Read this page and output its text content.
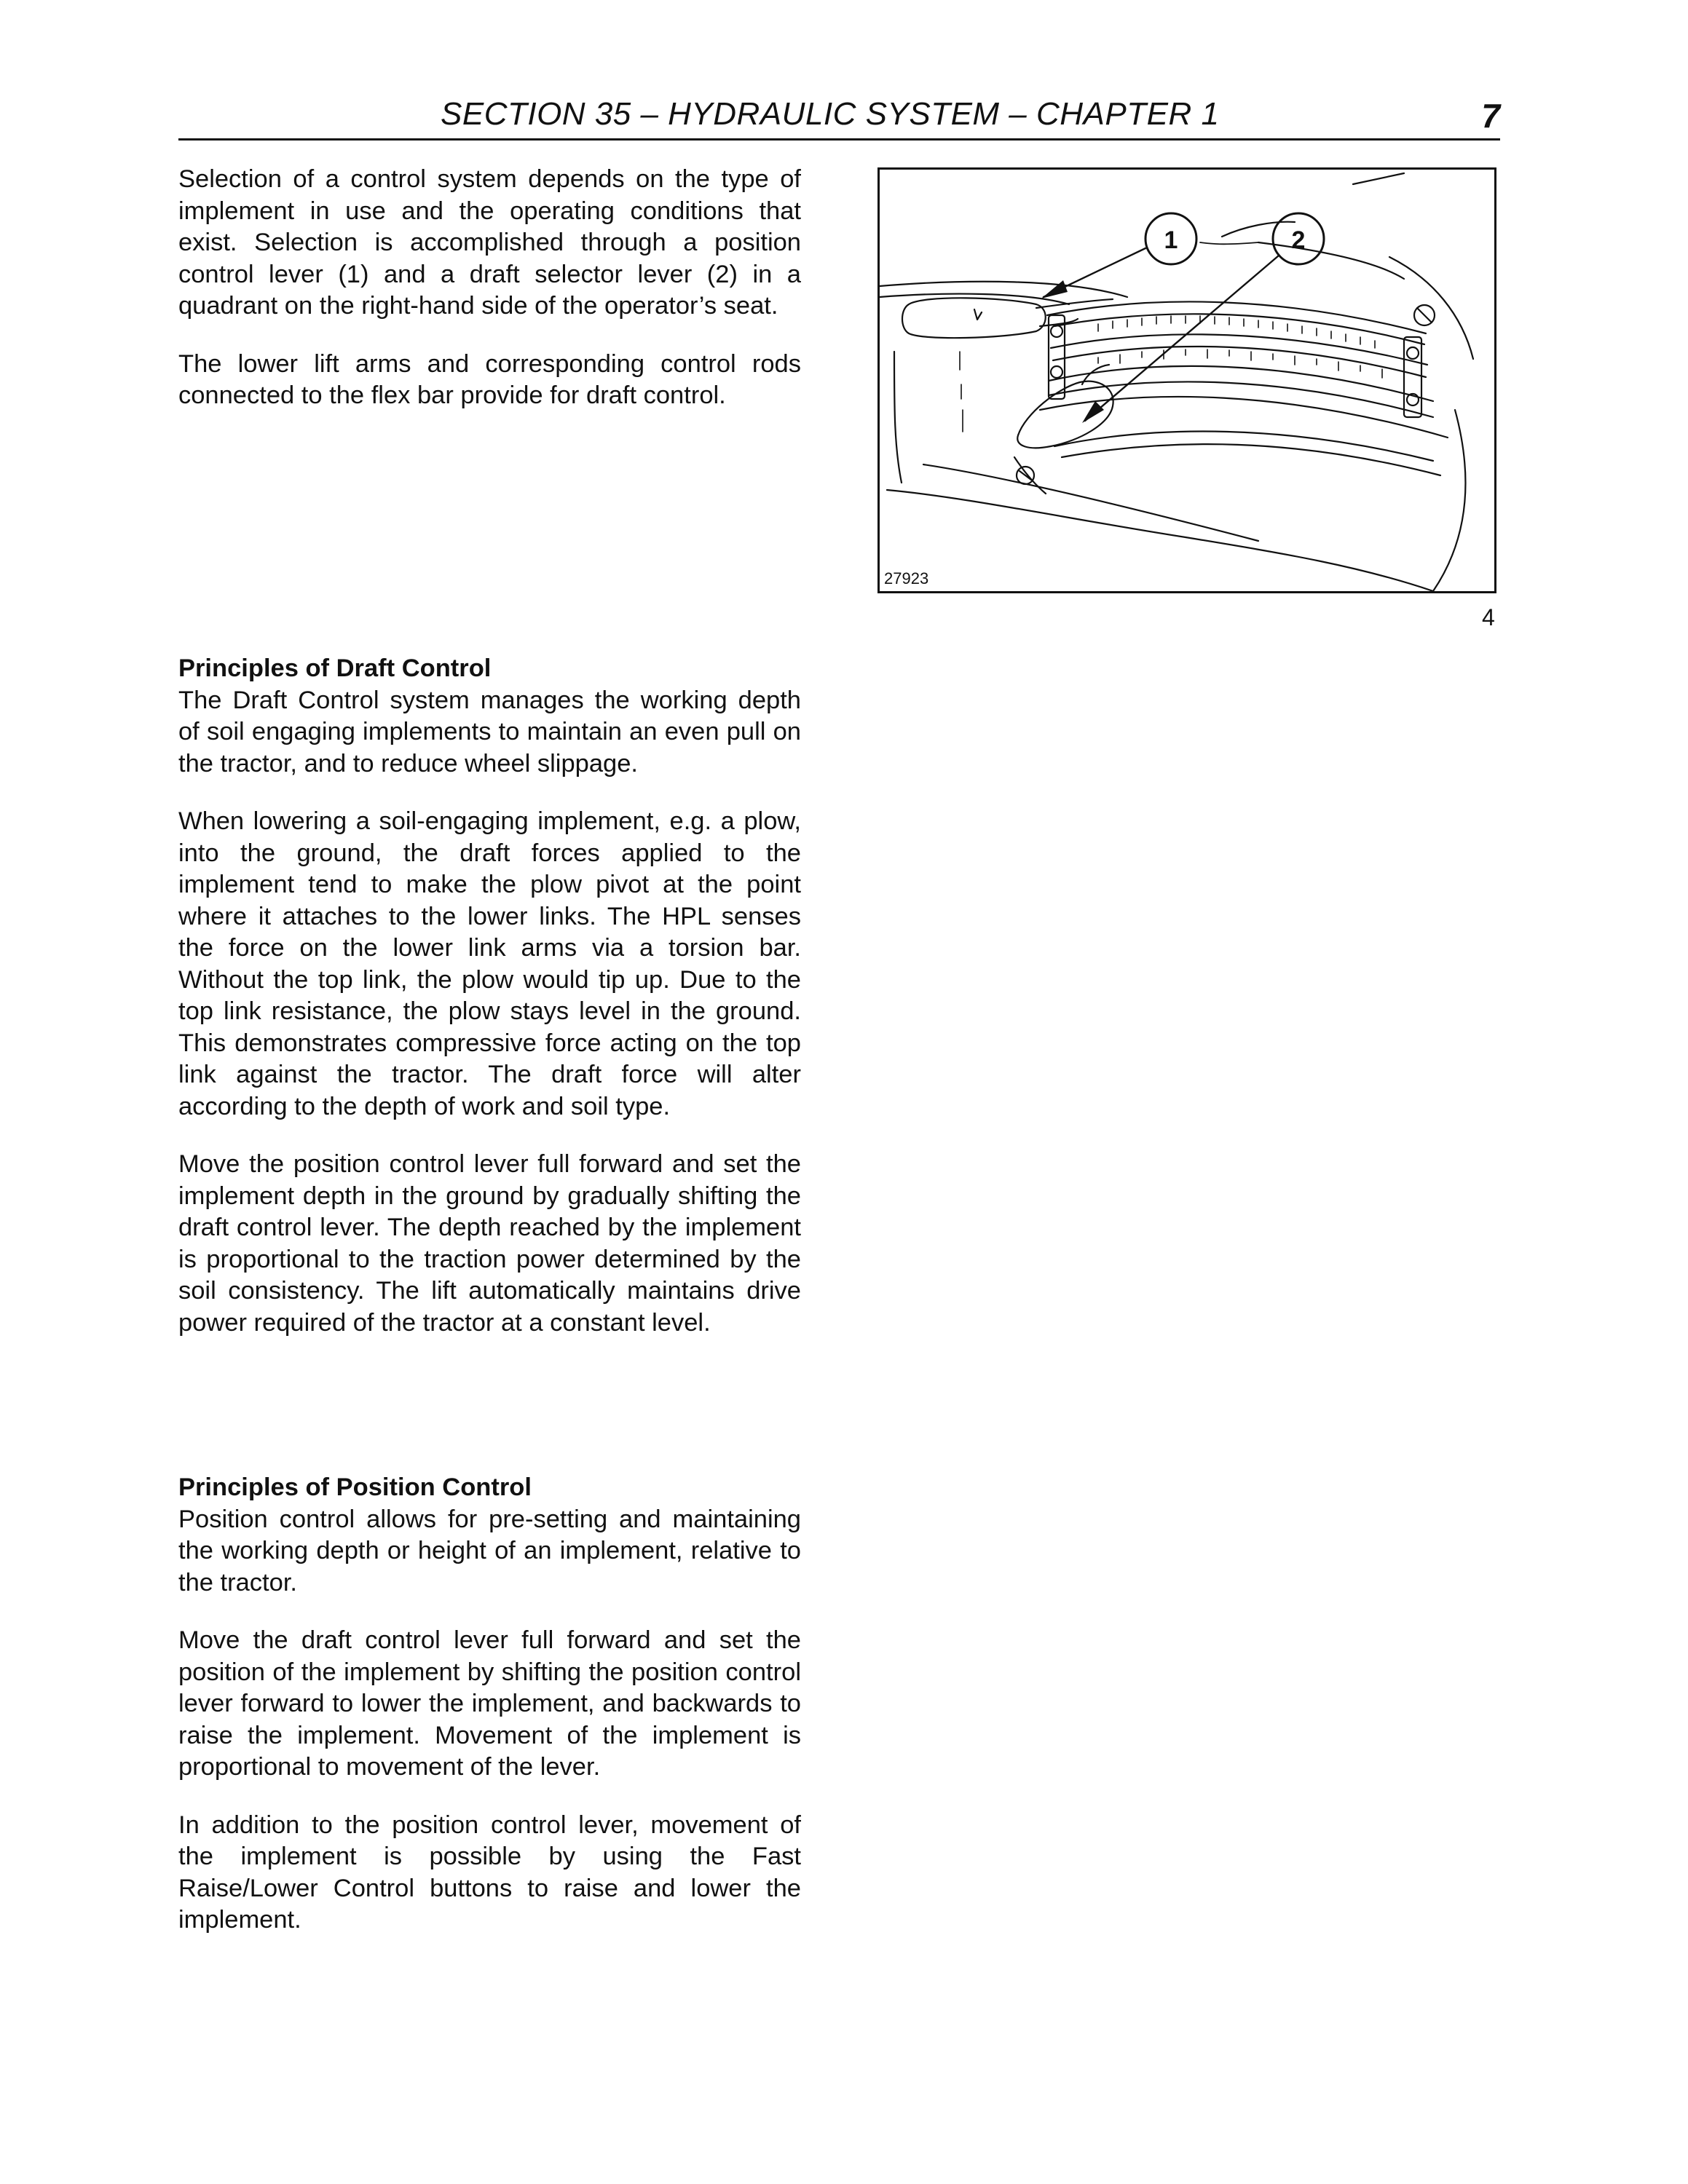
SECTION 35 – HYDRAULIC SYSTEM – CHAPTER 1	7

Selection of a control system depends on the type of implement in use and the operating conditions that exist. Selection is accomplished through a position control lever (1) and a draft selector lever (2) in a quadrant on the right-hand side of the operator’s seat.

The lower lift arms and corresponding control rods connected to the flex bar provide for draft control.

1	2
27923
4
Principles of Draft Control

The Draft Control system manages the working depth of soil engaging implements to maintain an even pull on the tractor, and to reduce wheel slippage.

When lowering a soil-engaging implement, e.g. a plow, into the ground, the draft forces applied to the implement tend to make the plow pivot at the point where it attaches to the lower links. The HPL senses the force on the lower link arms via a torsion bar. Without the top link, the plow would tip up. Due to the top link resistance, the plow stays level in the ground. This demonstrates compressive force acting on the top link against the tractor. The draft force will alter according to the depth of work and soil type.

Move the position control lever full forward and set the implement depth in the ground by gradually shifting the draft control lever. The depth reached by the implement is proportional to the traction power determined by the soil consistency. The lift automatically maintains drive power required of the tractor at a constant level.

Principles of Position Control

Position control allows for pre-setting and maintaining the working depth or height of an implement, relative to the tractor.

Move the draft control lever full forward and set the position of the implement by shifting the position control lever forward to lower the implement, and backwards to raise the implement. Movement of the implement is proportional to movement of the lever.

In addition to the position control lever, movement of the implement is possible by using the Fast Raise/Lower Control buttons to raise and lower the implement.
